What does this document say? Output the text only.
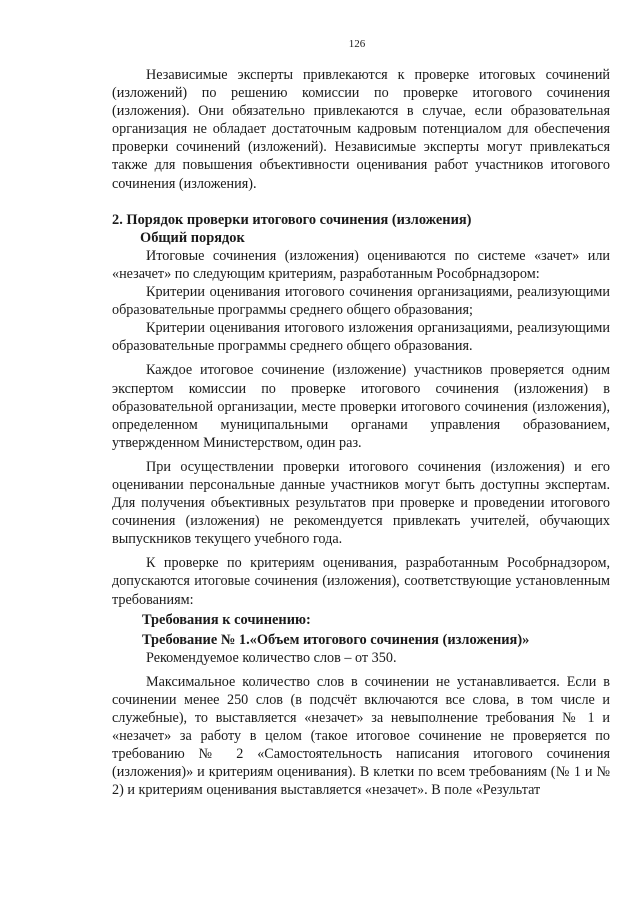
126

Независимые эксперты привлекаются к проверке итоговых сочинений (изложений) по решению комиссии по проверке итогового сочинения (изложения). Они обязательно привлекаются в случае, если образовательная организация не обладает достаточным кадровым потенциалом для обеспечения проверки сочинений (изложений). Независимые эксперты могут привлекаться также для повышения объективности оценивания работ участников итогового сочинения (изложения).

2. Порядок проверки итогового сочинения (изложения)
Общий порядок

Итоговые сочинения (изложения) оцениваются по системе «зачет» или «незачет» по следующим критериям, разработанным Рособрнадзором:

Критерии оценивания итогового сочинения организациями, реализующими образовательные программы среднего общего образования;

Критерии оценивания итогового изложения организациями, реализующими образовательные программы среднего общего образования.

Каждое итоговое сочинение (изложение) участников проверяется одним экспертом комиссии по проверке итогового сочинения (изложения) в образовательной организации, месте проверки итогового сочинения (изложения), определенном муниципальными органами управления образованием, утвержденном Министерством, один раз.

При осуществлении проверки итогового сочинения (изложения) и его оценивании персональные данные участников могут быть доступны экспертам. Для получения объективных результатов при проверке и проведении итогового сочинения (изложения) не рекомендуется привлекать учителей, обучающих выпускников текущего учебного года.

К проверке по критериям оценивания, разработанным Рособрнадзором, допускаются итоговые сочинения (изложения), соответствующие установленным требованиям:

Требования к сочинению:
Требование № 1.«Объем итогового сочинения (изложения)»

Рекомендуемое количество слов – от 350.

Максимальное количество слов в сочинении не устанавливается. Если в сочинении менее 250 слов (в подсчёт включаются все слова, в том числе и служебные), то выставляется «незачет» за невыполнение требования № 1 и «незачет» за работу в целом (такое итоговое сочинение не проверяется по требованию № 2 «Самостоятельность написания итогового сочинения (изложения)» и критериям оценивания). В клетки по всем требованиям (№ 1 и № 2) и критериям оценивания выставляется «незачет». В поле «Результат
